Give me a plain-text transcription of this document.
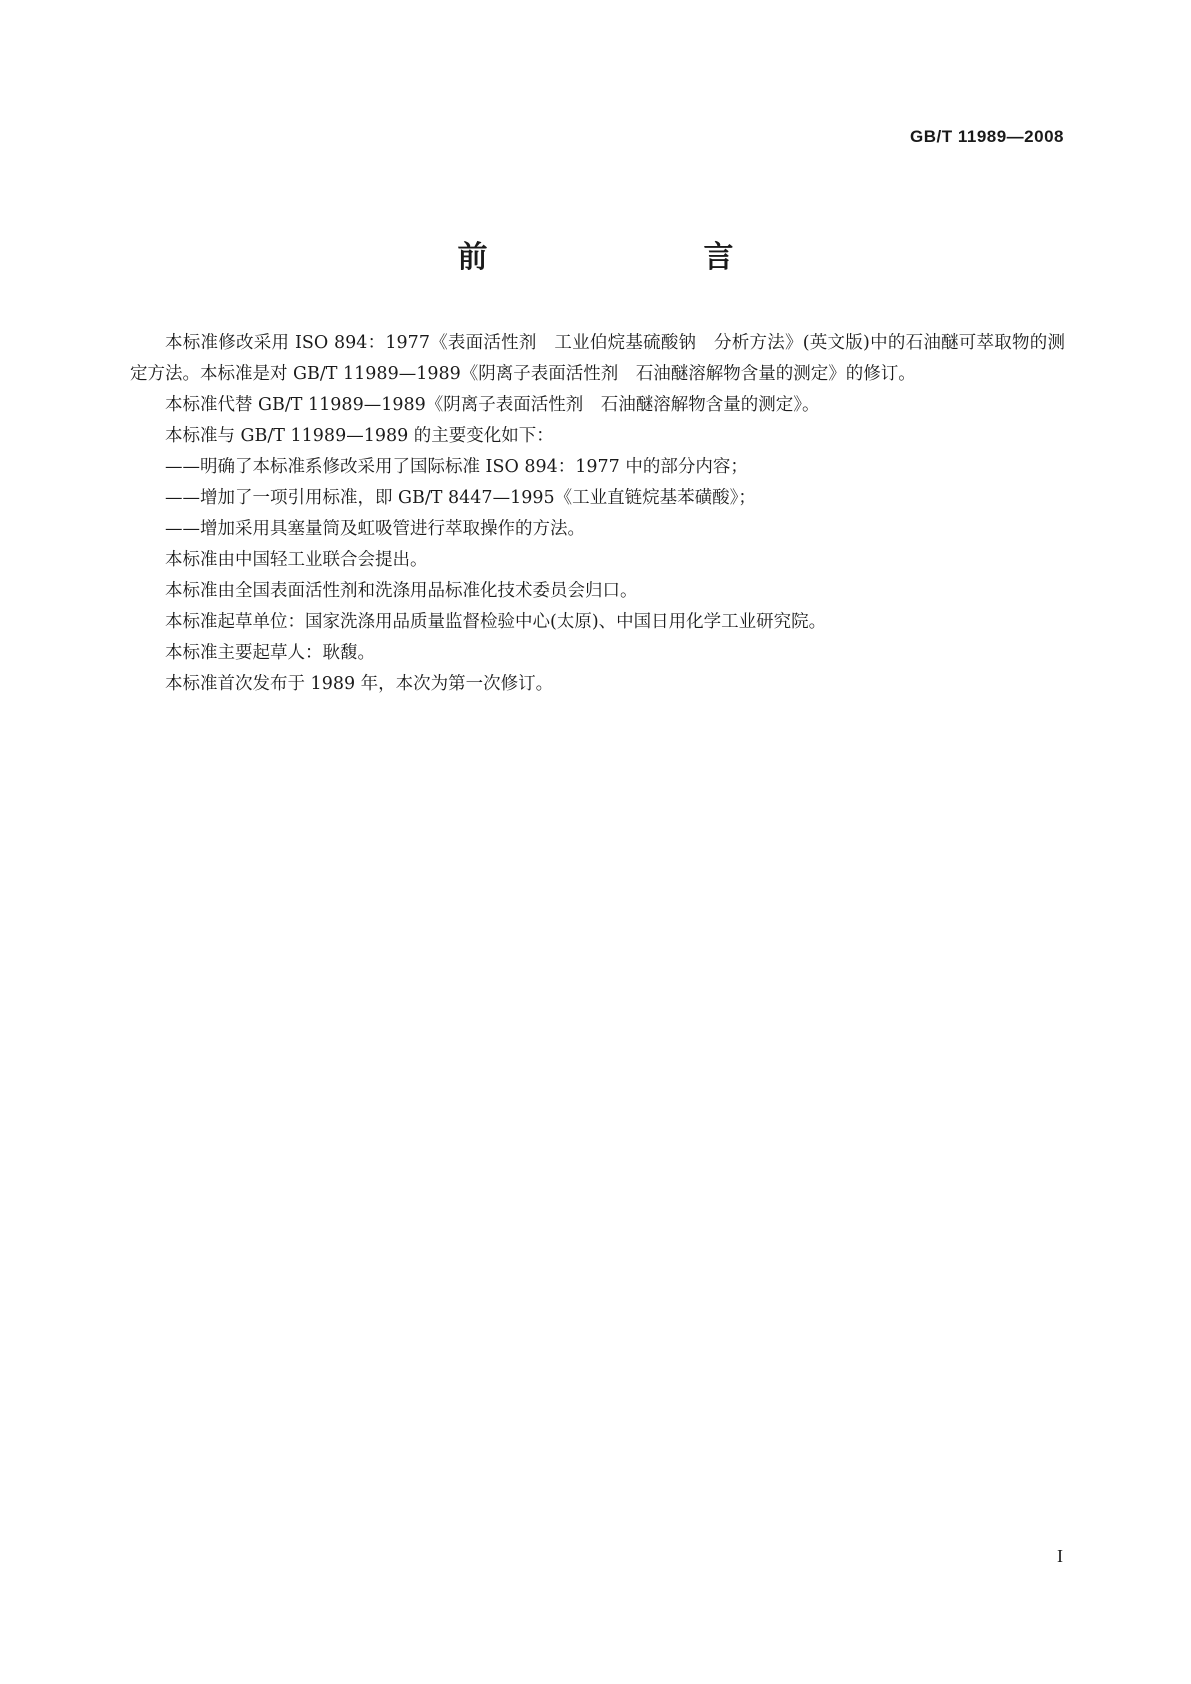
GB/T 11989—2008
前　　言

本标准修改采用 ISO 894：1977《表面活性剂　工业伯烷基硫酸钠　分析方法》(英文版)中的石油醚可萃取物的测定方法。本标准是对 GB/T 11989—1989《阴离子表面活性剂　石油醚溶解物含量的测定》的修订。

本标准代替 GB/T 11989—1989《阴离子表面活性剂　石油醚溶解物含量的测定》。

本标准与 GB/T 11989—1989 的主要变化如下：

——明确了本标准系修改采用了国际标准 ISO 894：1977 中的部分内容；

——增加了一项引用标准，即 GB/T 8447—1995《工业直链烷基苯磺酸》；

——增加采用具塞量筒及虹吸管进行萃取操作的方法。

本标准由中国轻工业联合会提出。

本标准由全国表面活性剂和洗涤用品标准化技术委员会归口。

本标准起草单位：国家洗涤用品质量监督检验中心(太原)、中国日用化学工业研究院。

本标准主要起草人：耿馥。

本标准首次发布于 1989 年，本次为第一次修订。

I
